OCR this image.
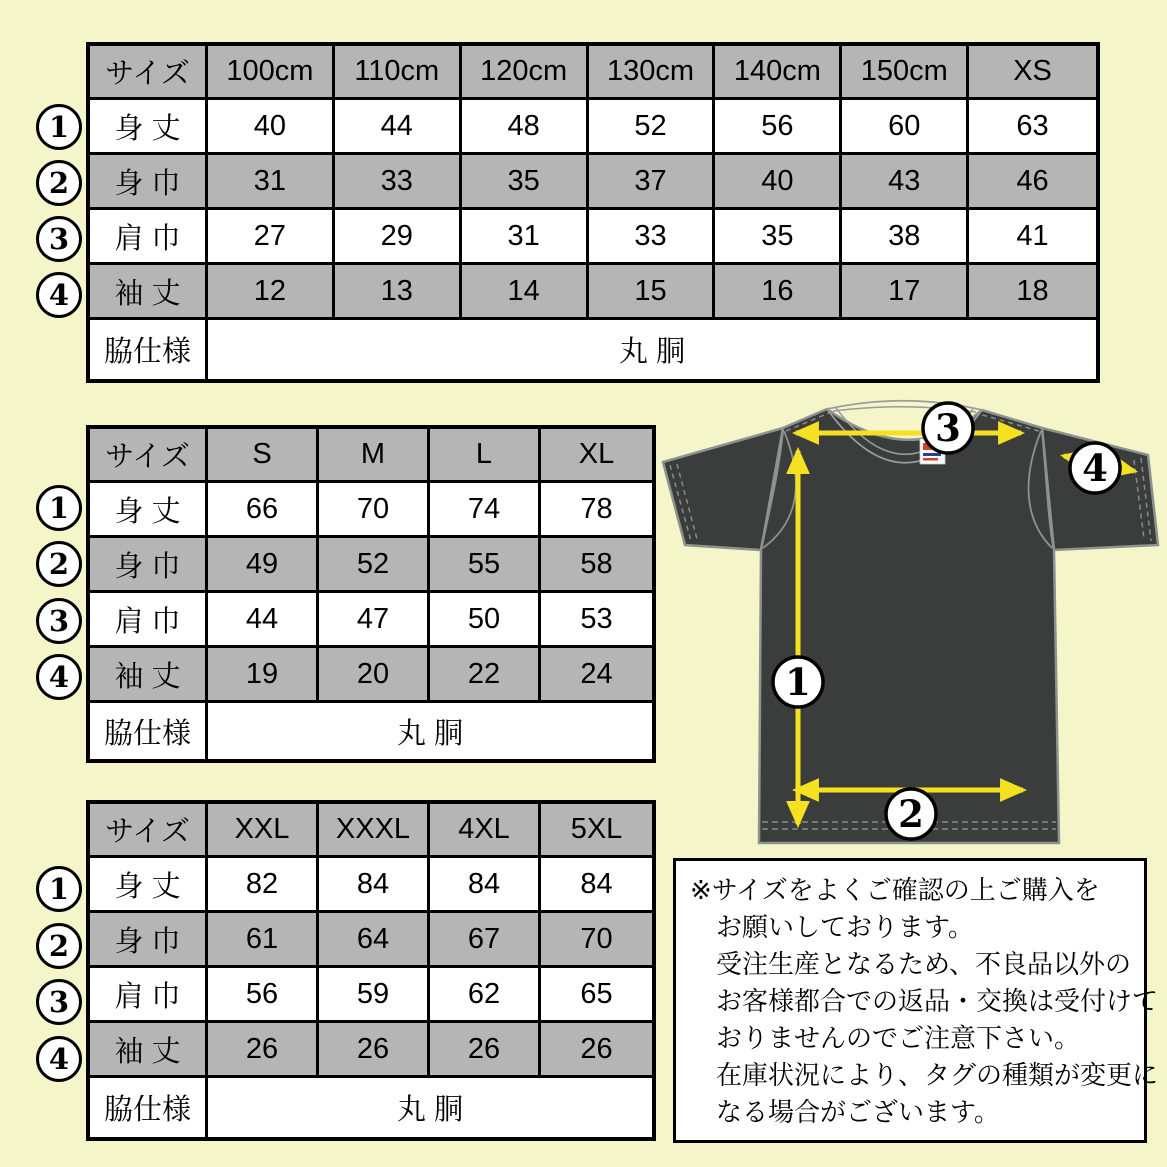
サイズ	100cm	110cm	120cm	130cm	140cm	150cm	XS
身 丈	40	44	48	52	56	60	63
身 巾	31	33	35	37	40	43	46
肩 巾	27	29	31	33	35	38	41
袖 丈	12	13	14	15	16	17	18
脇仕様	丸 胴
サイズ	S	M	L	XL
身 丈	66	70	74	78
身 巾	49	52	55	58
肩 巾	44	47	50	53
袖 丈	19	20	22	24
脇仕様	丸 胴
サイズ	XXL	XXXL	4XL	5XL
身 丈	82	84	84	84
身 巾	61	64	67	70
肩 巾	56	59	62	65
袖 丈	26	26	26	26
脇仕様	丸 胴
1
2
3
4
1
2
3
4
1
2
3
4
1
2
3
4
※サイズをよくご確認の上ご購入を
お願いしております。
受注生産となるため、不良品以外の
お客様都合での返品・交換は受付けて
おりませんのでご注意下さい。
在庫状況により、タグの種類が変更に
なる場合がございます。
